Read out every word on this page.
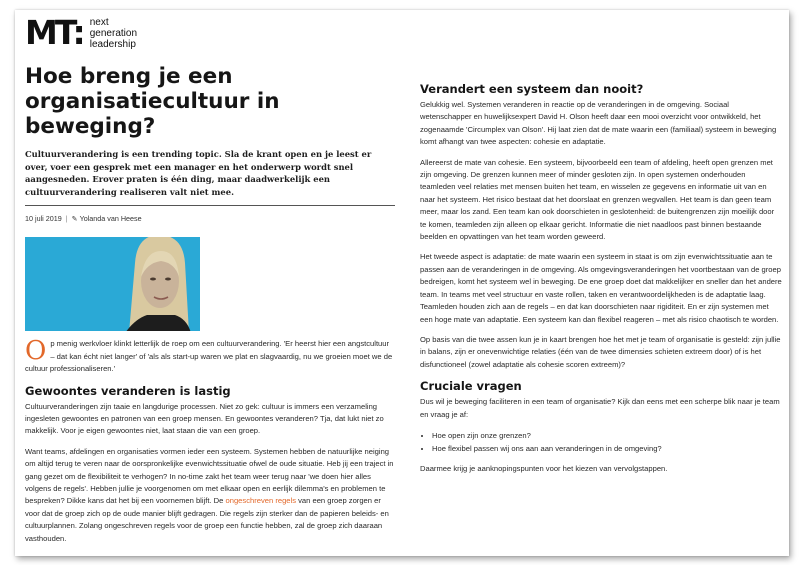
MT: next
generation
leadership
Hoe breng je een organisatiecultuur in beweging?

Cultuurverandering is een trending topic. Sla de krant open en je leest er over, voer een gesprek met een manager en het onderwerp wordt snel aangesneden. Erover praten is één ding, maar daadwerkelijk een cultuurverandering realiseren valt niet mee.

10 juli 2019 | ✎ Yolanda van Heese

Op menig werkvloer klinkt letterlijk de roep om een cultuurverandering. 'Er heerst hier een angstcultuur – dat kan écht niet langer' of 'als als start-up waren we plat en slagvaardig, nu we groeien moet we de cultuur professionaliseren.'

Gewoontes veranderen is lastig

Cultuurveranderingen zijn taaie en langdurige processen. Niet zo gek: cultuur is immers een verzameling ingesleten gewoontes en patronen van een groep mensen. En gewoontes veranderen? Tja, dat lukt niet zo makkelijk. Voor je eigen gewoontes niet, laat staan die van een groep.

Want teams, afdelingen en organisaties vormen ieder een systeem. Systemen hebben de natuurlijke neiging om altijd terug te veren naar de oorspronkelijke evenwichtssituatie ofwel de oude situatie. Heb jij een traject in gang gezet om de flexibiliteit te verhogen? In no-time zakt het team weer terug naar 'we doen hier alles volgens de regels'. Hebben jullie je voorgenomen om met elkaar open en eerlijk dilemma's en problemen te bespreken? Dikke kans dat het bij een voornemen blijft. De ongeschreven regels van een groep zorgen er voor dat de groep zich op de oude manier blijft gedragen. Die regels zijn sterker dan de papieren beleids- en cultuurplannen. Zolang ongeschreven regels voor de groep een functie hebben, zal de groep zich daaraan vasthouden.

Verandert een systeem dan nooit?

Gelukkig wel. Systemen veranderen in reactie op de veranderingen in de omgeving. Sociaal wetenschapper en huwelijksexpert David H. Olson heeft daar een mooi overzicht voor ontwikkeld, het zogenaamde 'Circumplex van Olson'. Hij laat zien dat de mate waarin een (familiaal) systeem in beweging komt afhangt van twee aspecten: cohesie en adaptatie.

Allereerst de mate van cohesie. Een systeem, bijvoorbeeld een team of afdeling, heeft open grenzen met zijn omgeving. De grenzen kunnen meer of minder gesloten zijn. In open systemen onderhouden teamleden veel relaties met mensen buiten het team, en wisselen ze gegevens en informatie uit van en naar het systeem. Het risico bestaat dat het doorslaat en grenzen wegvallen. Het team is dan geen team meer, maar los zand. Een team kan ook doorschieten in geslotenheid: de buitengrenzen zijn moeilijk door te komen, teamleden zijn alleen op elkaar gericht. Informatie die niet naadloos past binnen bestaande beelden en opvattingen van het team worden geweerd.

Het tweede aspect is adaptatie: de mate waarin een systeem in staat is om zijn evenwichtssituatie aan te passen aan de veranderingen in de omgeving. Als omgevingsveranderingen het voortbestaan van de groep bedreigen, komt het systeem wel in beweging. De ene groep doet dat makkelijker en sneller dan het andere team. In teams met veel structuur en vaste rollen, taken en verantwoordelijkheden is de adaptatie laag. Teamleden houden zich aan de regels – en dat kan doorschieten naar rigiditeit. En er zijn systemen met een hoge mate van adaptatie. Een systeem kan dan flexibel reageren – met als risico chaotisch te worden.

Op basis van die twee assen kun je in kaart brengen hoe het met je team of organisatie is gesteld: zijn jullie in balans, zijn er onevenwichtige relaties (één van de twee dimensies schieten extreem door) of is het disfunctioneel (zowel adaptatie als cohesie scoren extreem)?

Cruciale vragen

Dus wil je beweging faciliteren in een team of organisatie? Kijk dan eens met een scherpe blik naar je team en vraag je af:

• Hoe open zijn onze grenzen?
• Hoe flexibel passen wij ons aan aan veranderingen in de omgeving?

Daarmee krijg je aanknopingspunten voor het kiezen van vervolgstappen.
